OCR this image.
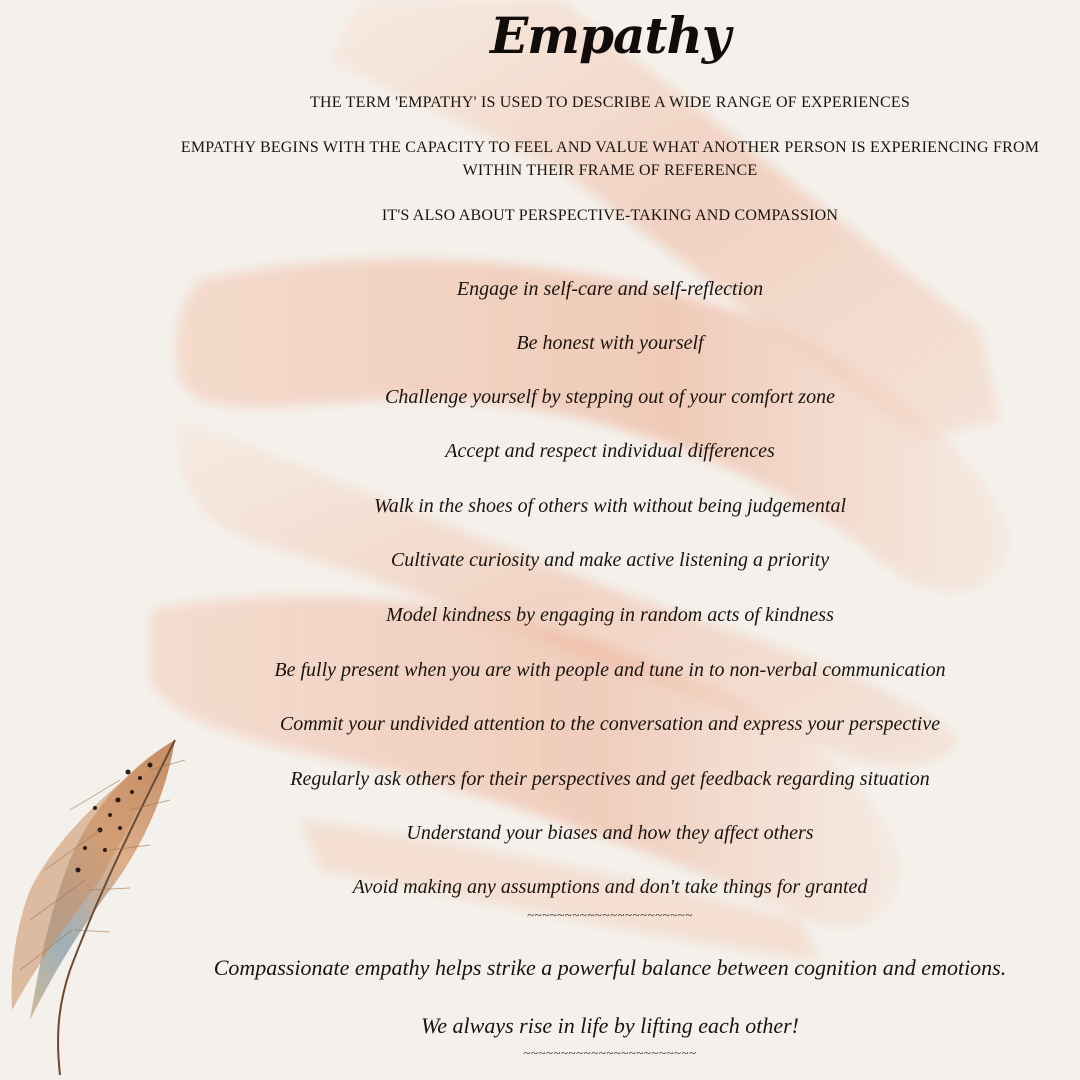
Empathy

THE TERM 'EMPATHY' IS USED TO DESCRIBE A WIDE RANGE OF EXPERIENCES

EMPATHY BEGINS WITH THE CAPACITY TO FEEL AND VALUE WHAT ANOTHER PERSON IS EXPERIENCING FROM WITHIN THEIR FRAME OF REFERENCE

IT'S ALSO ABOUT PERSPECTIVE-TAKING AND COMPASSION

Engage in self-care and self-reflection

Be honest with yourself

Challenge yourself by stepping out of your comfort zone

Accept and respect individual differences

Walk in the shoes of others with without being judgemental

Cultivate curiosity and make active listening a priority

Model kindness by engaging in random acts of kindness

Be fully present when you are with people and tune in to non-verbal communication

Commit your undivided attention to the conversation and express your perspective

Regularly ask others for their perspectives and get feedback regarding situation

Understand your biases and how they affect others

Avoid making any assumptions and don't take things for granted

~~~~~~~~~~~~~~~~~~~~~~

Compassionate empathy helps strike a powerful balance between cognition and emotions.

We always rise in life by lifting each other!

~~~~~~~~~~~~~~~~~~~~~~~
